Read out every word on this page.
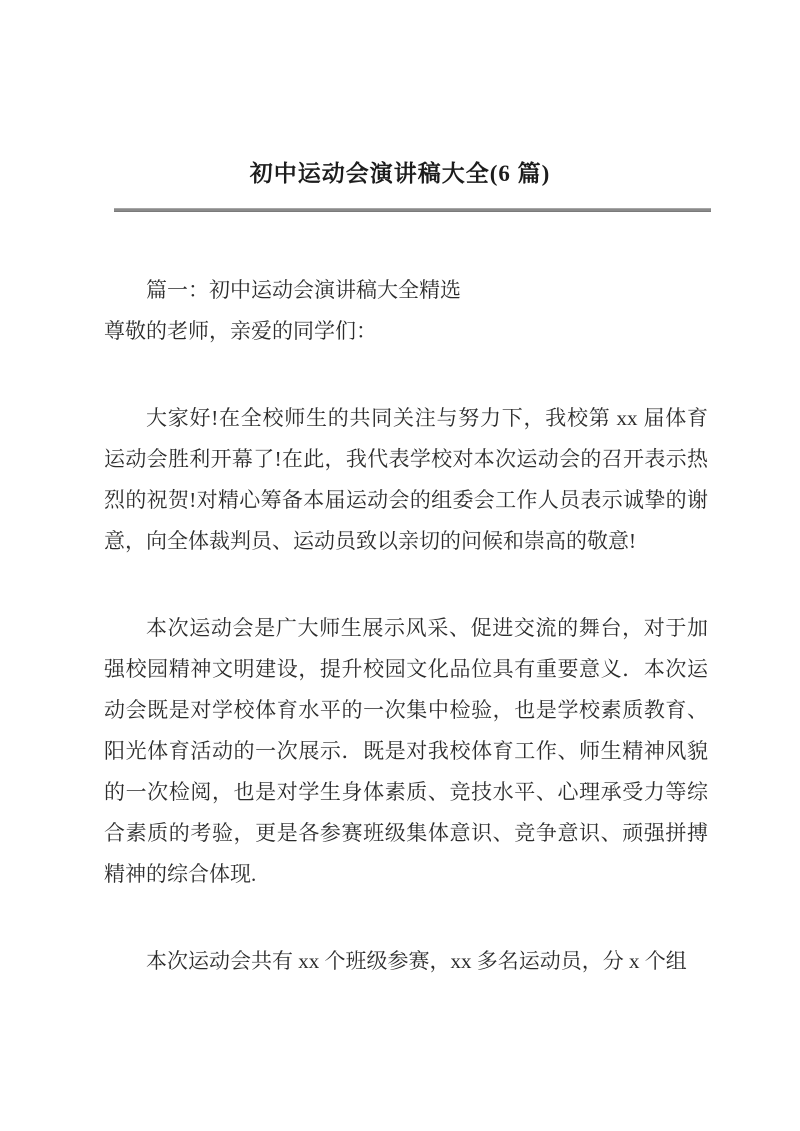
初中运动会演讲稿大全(6 篇)
篇一：初中运动会演讲稿大全精选
尊敬的老师，亲爱的同学们：

大家好!在全校师生的共同关注与努力下，我校第 xx 届体育运动会胜利开幕了!在此，我代表学校对本次运动会的召开表示热烈的祝贺!对精心筹备本届运动会的组委会工作人员表示诚挚的谢意，向全体裁判员、运动员致以亲切的问候和崇高的敬意!

本次运动会是广大师生展示风采、促进交流的舞台，对于加强校园精神文明建设，提升校园文化品位具有重要意义．本次运动会既是对学校体育水平的一次集中检验，也是学校素质教育、阳光体育活动的一次展示．既是对我校体育工作、师生精神风貌的一次检阅，也是对学生身体素质、竞技水平、心理承受力等综合素质的考验，更是各参赛班级集体意识、竞争意识、顽强拼搏精神的综合体现.

本次运动会共有 xx 个班级参赛，xx 多名运动员，分 x 个组
